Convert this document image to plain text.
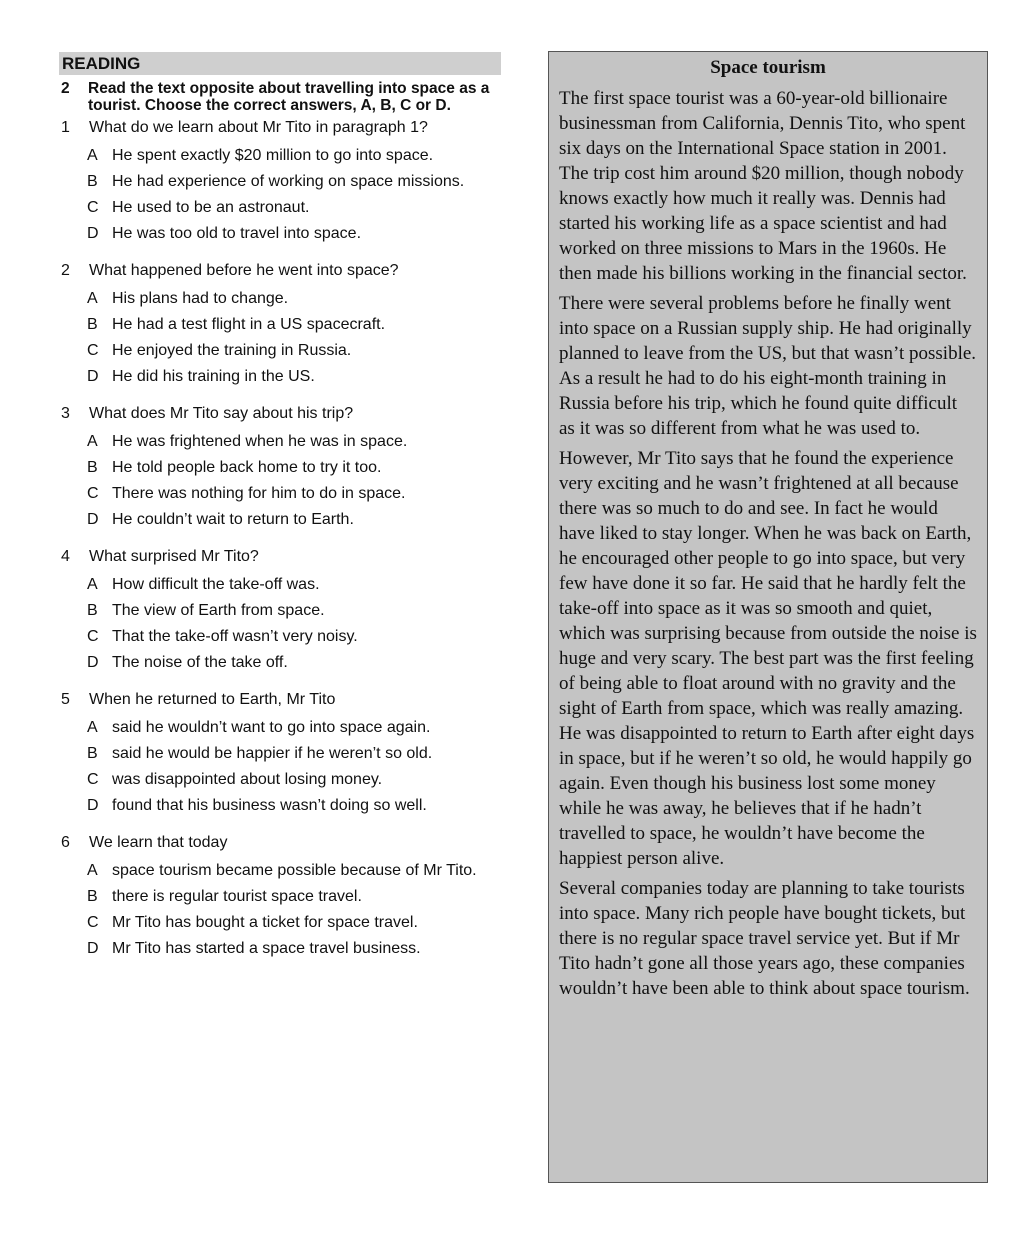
READING
2	Read the text opposite about travelling into space as a tourist. Choose the correct answers, A, B, C or D.
1	What do we learn about Mr Tito in paragraph 1?
A He spent exactly $20 million to go into space.
B He had experience of working on space missions.
C He used to be an astronaut.
D He was too old to travel into space.
2	What happened before he went into space?
A His plans had to change.
B He had a test flight in a US spacecraft.
C He enjoyed the training in Russia.
D He did his training in the US.
3	What does Mr Tito say about his trip?
A He was frightened when he was in space.
B He told people back home to try it too.
C There was nothing for him to do in space.
D He couldn’t wait to return to Earth.
4	What surprised Mr Tito?
A How difficult the take-off was.
B The view of Earth from space.
C That the take-off wasn’t very noisy.
D The noise of the take off.
5	When he returned to Earth, Mr Tito
A said he wouldn’t want to go into space again.
B said he would be happier if he weren’t so old.
C was disappointed about losing money.
D found that his business wasn’t doing so well.
6	We learn that today
A space tourism became possible because of Mr Tito.
B there is regular tourist space travel.
C Mr Tito has bought a ticket for space travel.
D Mr Tito has started a space travel business.
Space tourism

The first space tourist was a 60-year-old billionaire businessman from California, Dennis Tito, who spent six days on the International Space station in 2001. The trip cost him around $20 million, though nobody knows exactly how much it really was. Dennis had started his working life as a space scientist and had worked on three missions to Mars in the 1960s. He then made his billions working in the financial sector.

There were several problems before he finally went into space on a Russian supply ship. He had originally planned to leave from the US, but that wasn’t possible. As a result he had to do his eight-month training in Russia before his trip, which he found quite difficult as it was so different from what he was used to.

However, Mr Tito says that he found the experience very exciting and he wasn’t frightened at all because there was so much to do and see. In fact he would have liked to stay longer. When he was back on Earth, he encouraged other people to go into space, but very few have done it so far. He said that he hardly felt the take-off into space as it was so smooth and quiet, which was surprising because from outside the noise is huge and very scary. The best part was the first feeling of being able to float around with no gravity and the sight of Earth from space, which was really amazing. He was disappointed to return to Earth after eight days in space, but if he weren’t so old, he would happily go again. Even though his business lost some money while he was away, he believes that if he hadn’t travelled to space, he wouldn’t have become the happiest person alive.

Several companies today are planning to take tourists into space. Many rich people have bought tickets, but there is no regular space travel service yet. But if Mr Tito hadn’t gone all those years ago, these companies wouldn’t have been able to think about space tourism.
